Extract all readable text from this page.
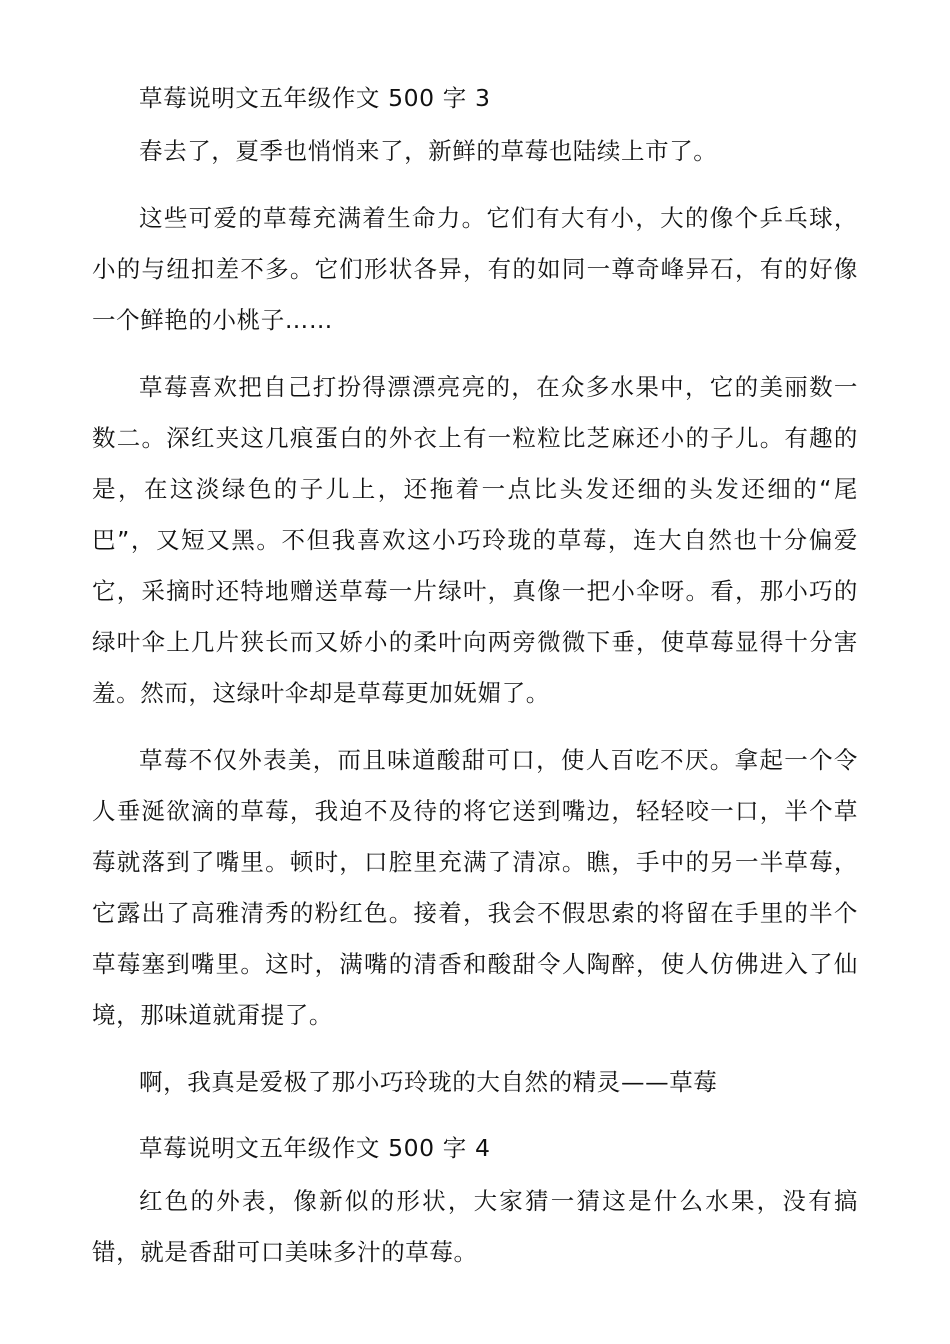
草莓说明文五年级作文 500 字 3

春去了，夏季也悄悄来了，新鲜的草莓也陆续上市了。

这些可爱的草莓充满着生命力。它们有大有小，大的像个乒乓球，小的与纽扣差不多。它们形状各异，有的如同一尊奇峰异石，有的好像一个鲜艳的小桃子……

草莓喜欢把自己打扮得漂漂亮亮的，在众多水果中，它的美丽数一数二。深红夹这几痕蛋白的外衣上有一粒粒比芝麻还小的子儿。有趣的是，在这淡绿色的子儿上，还拖着一点比头发还细的头发还细的“尾巴”，又短又黑。不但我喜欢这小巧玲珑的草莓，连大自然也十分偏爱它，采摘时还特地赠送草莓一片绿叶，真像一把小伞呀。看，那小巧的绿叶伞上几片狭长而又娇小的柔叶向两旁微微下垂，使草莓显得十分害羞。然而，这绿叶伞却是草莓更加妩媚了。

草莓不仅外表美，而且味道酸甜可口，使人百吃不厌。拿起一个令人垂涎欲滴的草莓，我迫不及待的将它送到嘴边，轻轻咬一口，半个草莓就落到了嘴里。顿时，口腔里充满了清凉。瞧，手中的另一半草莓，它露出了高雅清秀的粉红色。接着，我会不假思索的将留在手里的半个草莓塞到嘴里。这时，满嘴的清香和酸甜令人陶醉，使人仿佛进入了仙境，那味道就甭提了。

啊，我真是爱极了那小巧玲珑的大自然的精灵——草莓

草莓说明文五年级作文 500 字 4

红色的外表，像新似的形状，大家猜一猜这是什么水果，没有搞错，就是香甜可口美味多汁的草莓。
